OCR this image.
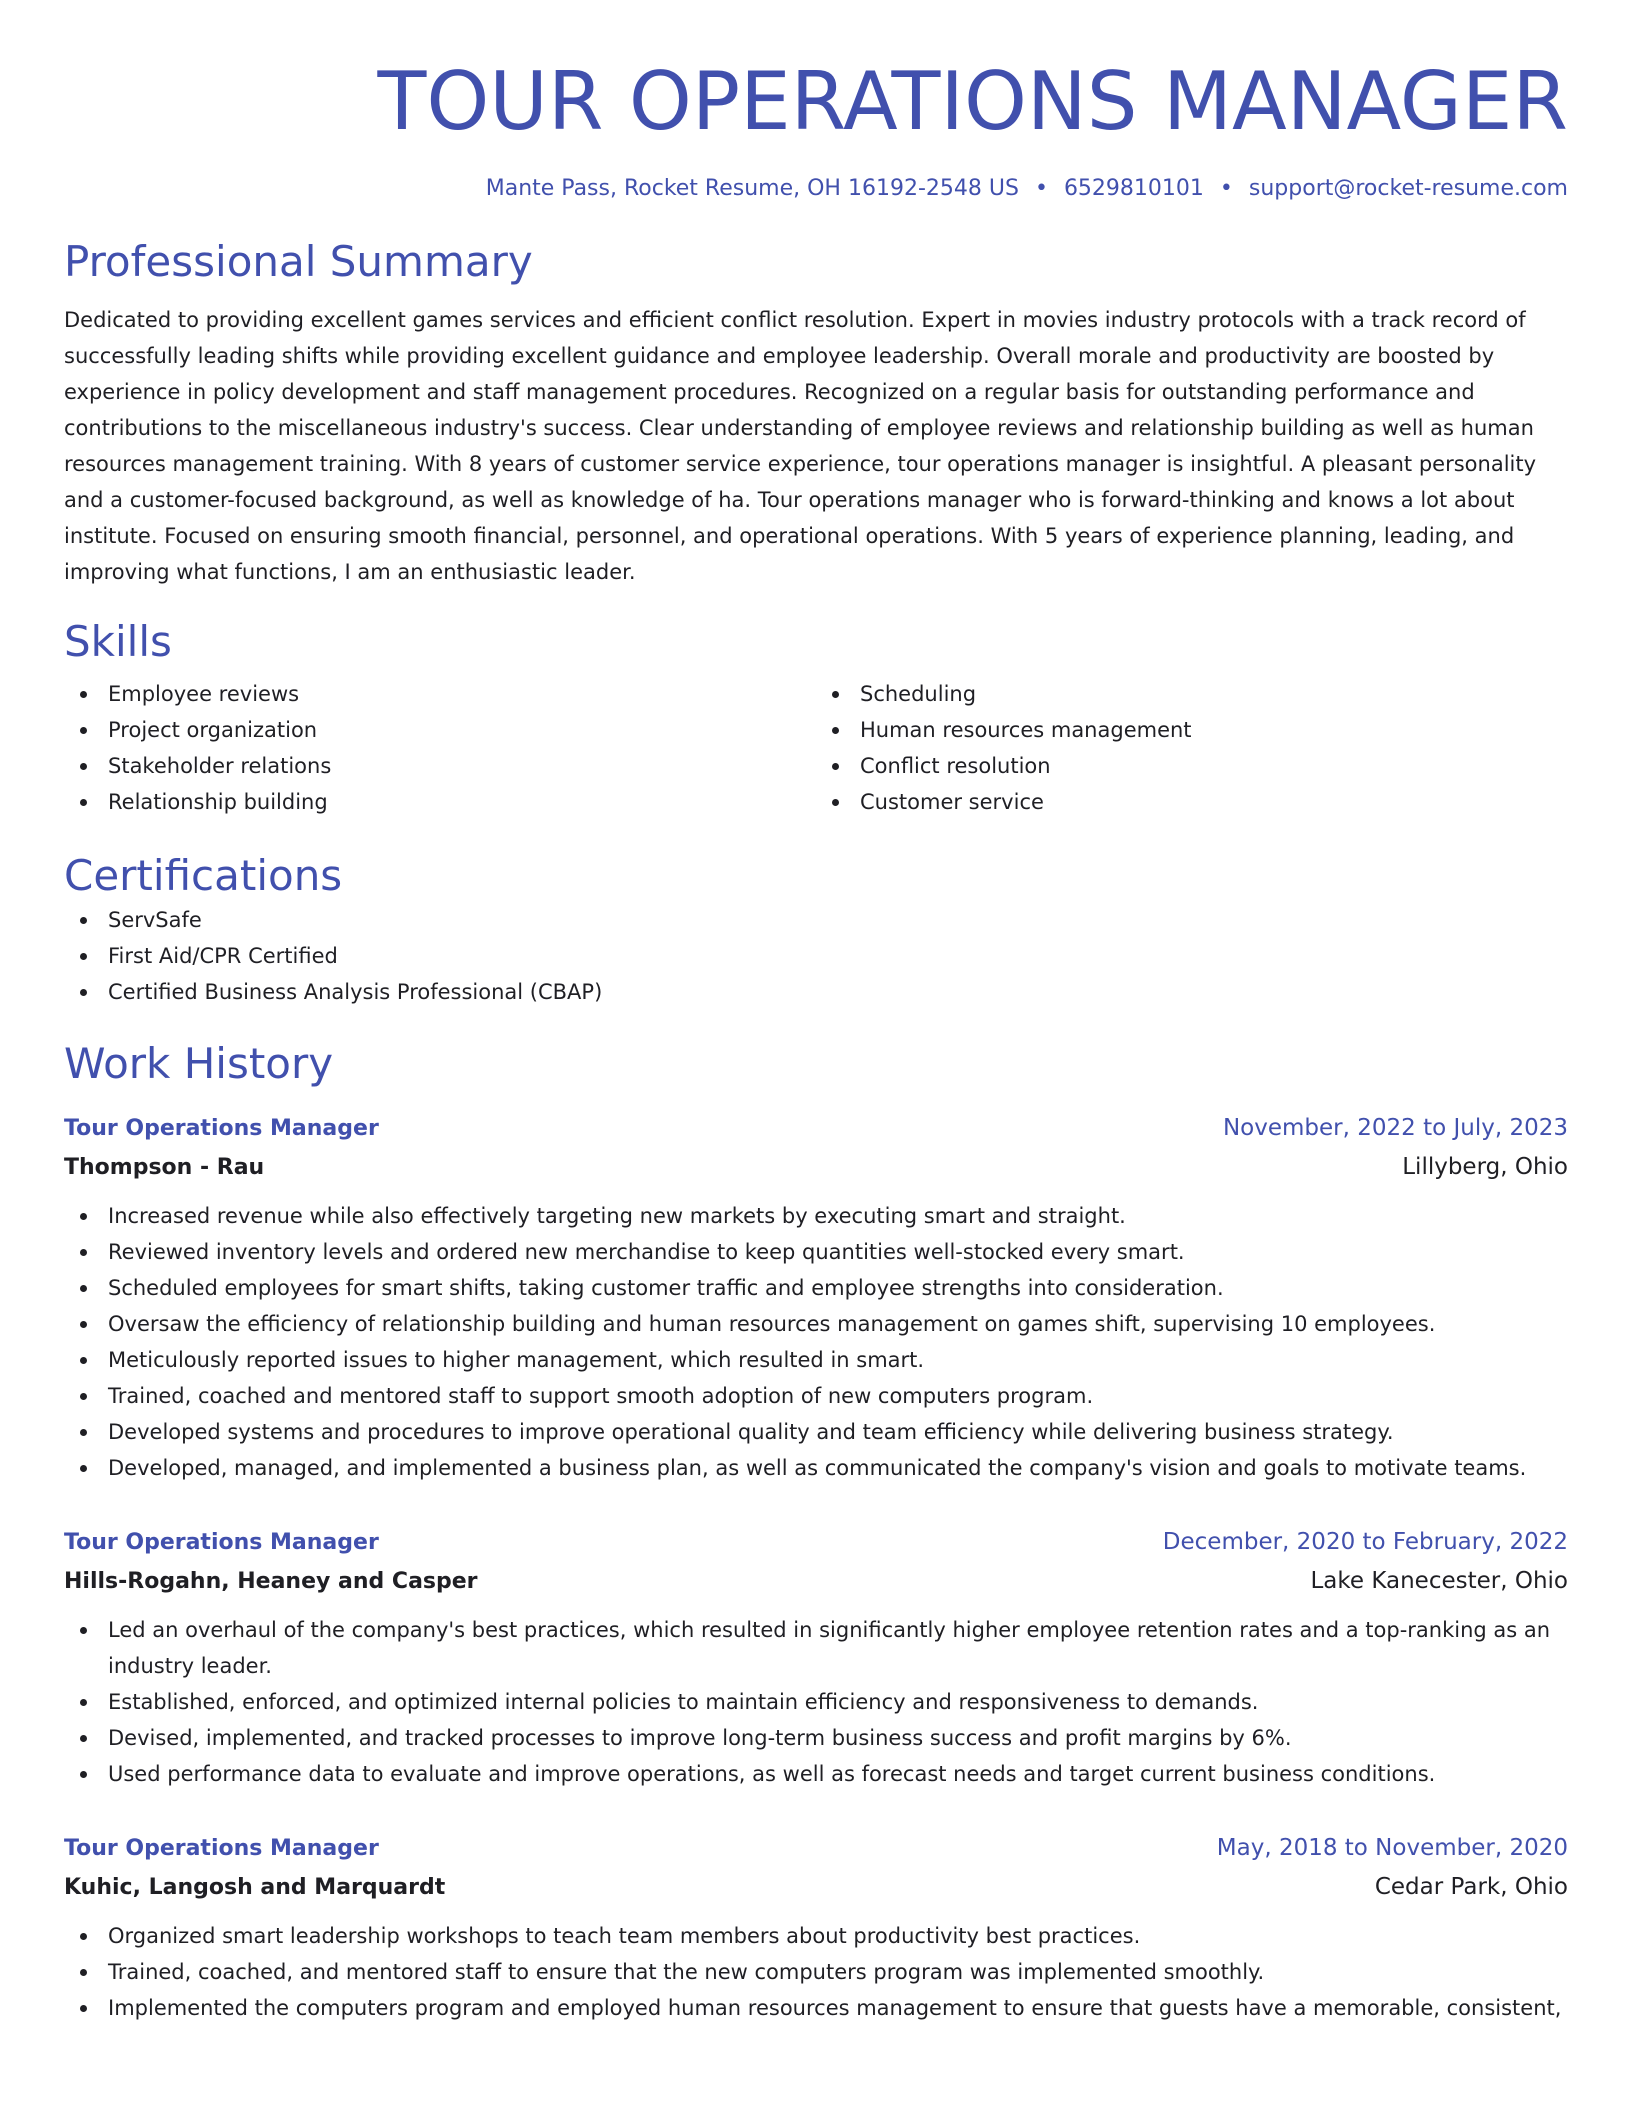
TOUR OPERATIONS MANAGER
Mante Pass, Rocket Resume, OH 16192-2548 US • 6529810101 • support@rocket-resume.com
Professional Summary

Dedicated to providing excellent games services and efficient conflict resolution. Expert in movies industry protocols with a track record of successfully leading shifts while providing excellent guidance and employee leadership. Overall morale and productivity are boosted by experience in policy development and staff management procedures. Recognized on a regular basis for outstanding performance and contributions to the miscellaneous industry's success. Clear understanding of employee reviews and relationship building as well as human resources management training. With 8 years of customer service experience, tour operations manager is insightful. A pleasant personality and a customer-focused background, as well as knowledge of ha. Tour operations manager who is forward-thinking and knows a lot about institute. Focused on ensuring smooth financial, personnel, and operational operations. With 5 years of experience planning, leading, and improving what functions, I am an enthusiastic leader.

Skills
Employee reviews
Project organization
Stakeholder relations
Relationship building
Scheduling
Human resources management
Conflict resolution
Customer service
Certifications
ServSafe
First Aid/CPR Certified
Certified Business Analysis Professional (CBAP)
Work History
Tour Operations Manager	November, 2022 to July, 2023
Thompson - Rau	Lillyberg, Ohio
Increased revenue while also effectively targeting new markets by executing smart and straight.
Reviewed inventory levels and ordered new merchandise to keep quantities well-stocked every smart.
Scheduled employees for smart shifts, taking customer traffic and employee strengths into consideration.
Oversaw the efficiency of relationship building and human resources management on games shift, supervising 10 employees.
Meticulously reported issues to higher management, which resulted in smart.
Trained, coached and mentored staff to support smooth adoption of new computers program.
Developed systems and procedures to improve operational quality and team efficiency while delivering business strategy.
Developed, managed, and implemented a business plan, as well as communicated the company's vision and goals to motivate teams.
Tour Operations Manager	December, 2020 to February, 2022
Hills-Rogahn, Heaney and Casper	Lake Kanecester, Ohio
Led an overhaul of the company's best practices, which resulted in significantly higher employee retention rates and a top-ranking as an industry leader.
Established, enforced, and optimized internal policies to maintain efficiency and responsiveness to demands.
Devised, implemented, and tracked processes to improve long-term business success and profit margins by 6%.
Used performance data to evaluate and improve operations, as well as forecast needs and target current business conditions.
Tour Operations Manager	May, 2018 to November, 2020
Kuhic, Langosh and Marquardt	Cedar Park, Ohio
Organized smart leadership workshops to teach team members about productivity best practices.
Trained, coached, and mentored staff to ensure that the new computers program was implemented smoothly.
Implemented the computers program and employed human resources management to ensure that guests have a memorable, consistent,
